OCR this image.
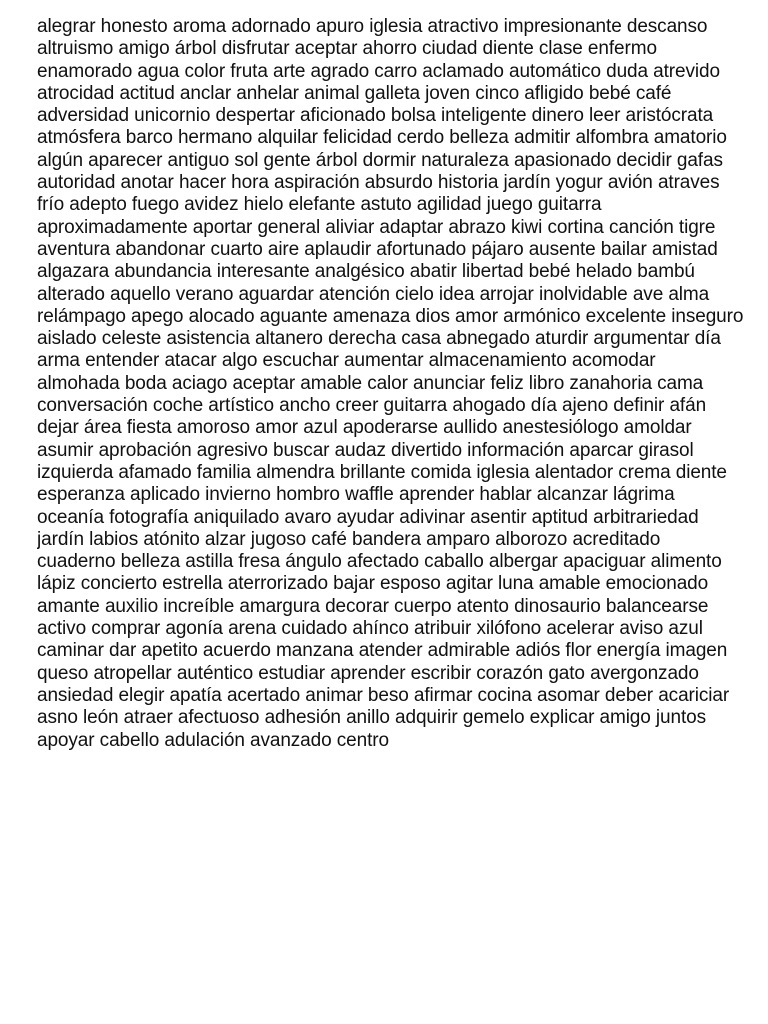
alegrar honesto aroma adornado apuro iglesia atractivo impresionante descanso
altruismo amigo árbol disfrutar aceptar ahorro ciudad diente clase enfermo
enamorado agua color fruta arte agrado carro aclamado automático duda atrevido
atrocidad actitud anclar anhelar animal galleta joven cinco afligido bebé café
adversidad unicornio despertar aficionado bolsa inteligente dinero leer aristócrata
atmósfera barco hermano alquilar felicidad cerdo belleza admitir alfombra amatorio
algún aparecer antiguo sol gente árbol dormir naturaleza apasionado decidir gafas
autoridad anotar hacer hora aspiración absurdo historia jardín yogur avión atraves
frío adepto fuego avidez hielo elefante astuto agilidad juego guitarra
aproximadamente aportar general aliviar adaptar abrazo kiwi cortina canción tigre
aventura abandonar cuarto aire aplaudir afortunado pájaro ausente bailar amistad
algazara abundancia interesante analgésico abatir libertad bebé helado bambú
alterado aquello verano aguardar atención cielo idea arrojar inolvidable ave alma
relámpago apego alocado aguante amenaza dios amor armónico excelente inseguro
aislado celeste asistencia altanero derecha casa abnegado aturdir argumentar día
arma entender atacar algo escuchar aumentar almacenamiento acomodar
almohada boda aciago aceptar amable calor anunciar feliz libro zanahoria cama
conversación coche artístico ancho creer guitarra ahogado día ajeno definir afán
dejar área fiesta amoroso amor azul apoderarse aullido anestesiólogo amoldar
asumir aprobación agresivo buscar audaz divertido información aparcar girasol
izquierda afamado familia almendra brillante comida iglesia alentador crema diente
esperanza aplicado invierno hombro waffle aprender hablar alcanzar lágrima
oceanía fotografía aniquilado avaro ayudar adivinar asentir aptitud arbitrariedad
jardín labios atónito alzar jugoso café bandera amparo alborozo acreditado
cuaderno belleza astilla fresa ángulo afectado caballo albergar apaciguar alimento
lápiz concierto estrella aterrorizado bajar esposo agitar luna amable emocionado
amante auxilio increíble amargura decorar cuerpo atento dinosaurio balancearse
activo comprar agonía arena cuidado ahínco atribuir xilófono acelerar aviso azul
caminar dar apetito acuerdo manzana atender admirable adiós flor energía imagen
queso atropellar auténtico estudiar aprender escribir corazón gato avergonzado
ansiedad elegir apatía acertado animar beso afirmar cocina asomar deber acariciar
asno león atraer afectuoso adhesión anillo adquirir gemelo explicar amigo juntos
apoyar cabello adulación avanzado centro
